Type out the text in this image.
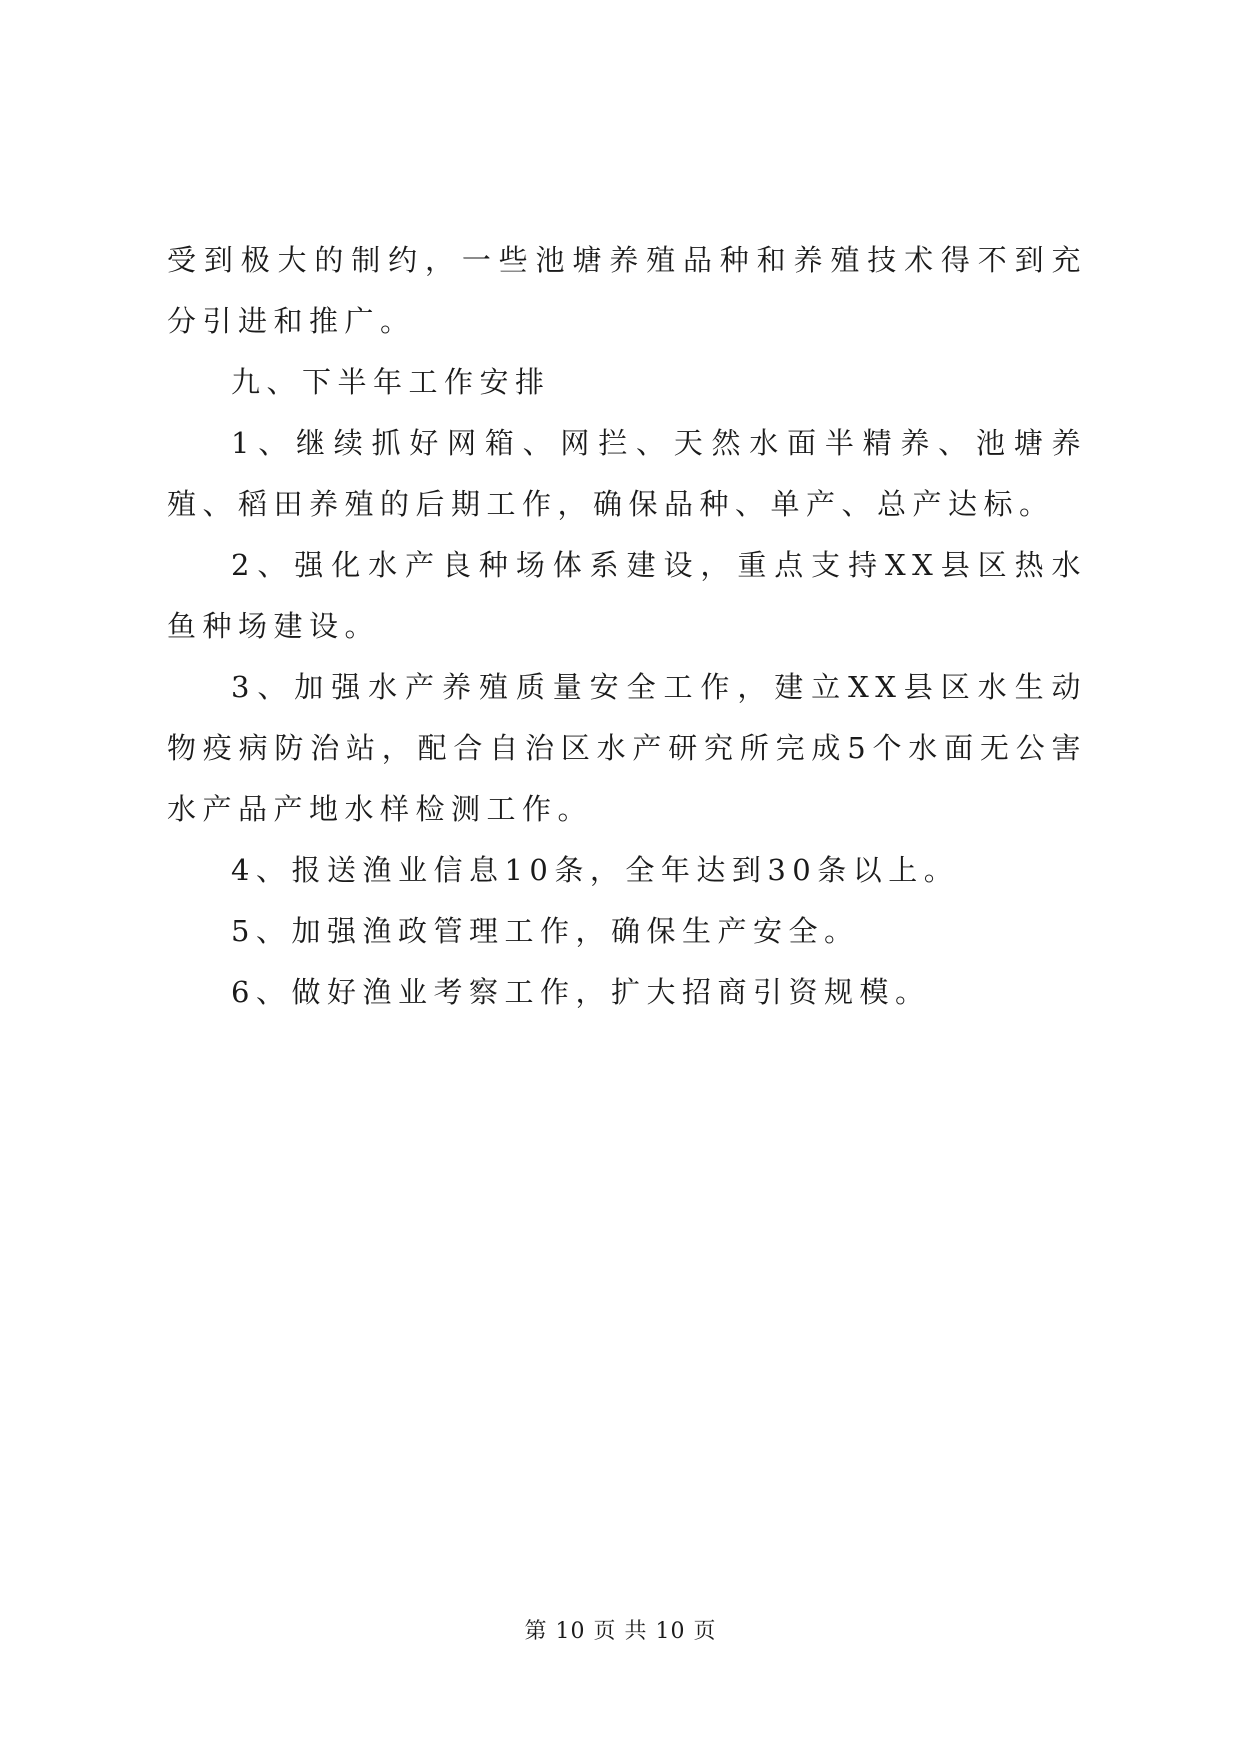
受到极大的制约，一些池塘养殖品种和养殖技术得不到充分引进和推广。

九、下半年工作安排

1、继续抓好网箱、网拦、天然水面半精养、池塘养殖、稻田养殖的后期工作，确保品种、单产、总产达标。

2、强化水产良种场体系建设，重点支持XX县区热水鱼种场建设。

3、加强水产养殖质量安全工作，建立XX县区水生动物疫病防治站，配合自治区水产研究所完成5个水面无公害水产品产地水样检测工作。

4、报送渔业信息10条，全年达到30条以上。

5、加强渔政管理工作，确保生产安全。

6、做好渔业考察工作，扩大招商引资规模。

第 10 页 共 10 页
